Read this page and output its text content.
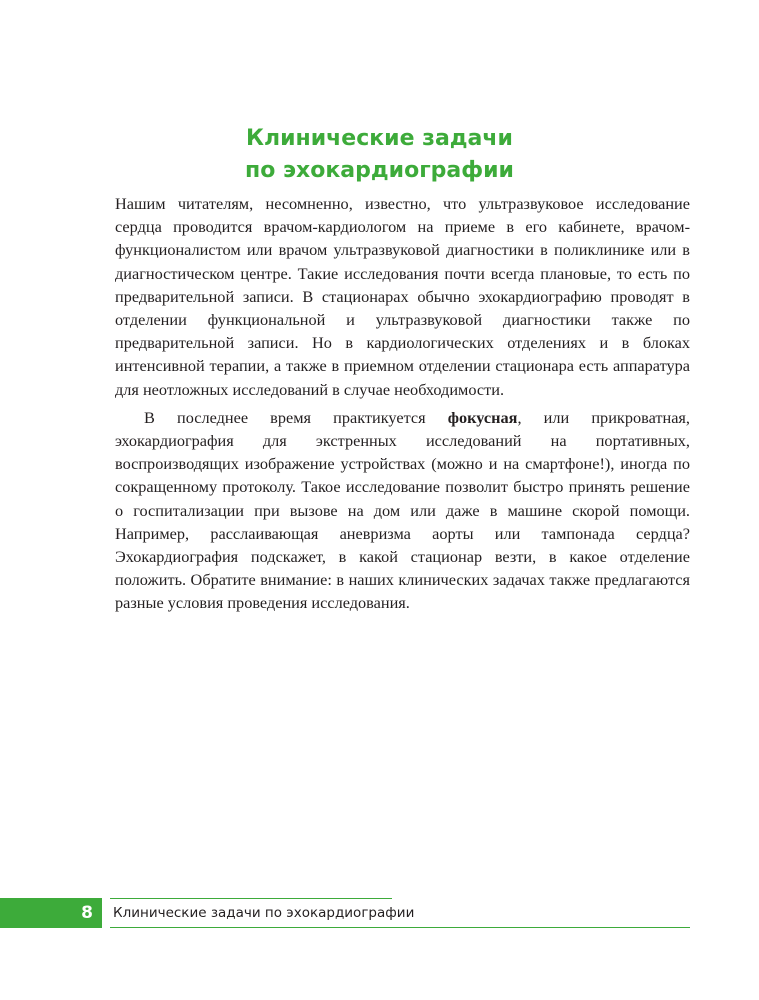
Клинические задачи
по эхокардиографии

Нашим читателям, несомненно, известно, что ультразвуковое исследование сердца проводится врачом-кардиологом на приеме в его кабинете, врачом-функционалистом или врачом ультразвуковой диагностики в поликлинике или в диагностическом центре. Такие исследования почти всегда плановые, то есть по предварительной записи. В стационарах обычно эхокардиографию проводят в отделении функциональной и ультразвуковой диагностики также по предварительной записи. Но в кардиологических отделениях и в блоках интенсивной терапии, а также в приемном отделении стационара есть аппаратура для неотложных исследований в случае необходимости.

В последнее время практикуется фокусная, или прикроватная, эхокардиография для экстренных исследований на портативных, воспроизводящих изображение устройствах (можно и на смартфоне!), иногда по сокращенному протоколу. Такое исследование позволит быстро принять решение о госпитализации при вызове на дом или даже в машине скорой помощи. Например, расслаивающая аневризма аорты или тампонада сердца? Эхокардиография подскажет, в какой стационар везти, в какое отделение положить. Обратите внимание: в наших клинических задачах также предлагаются разные условия проведения исследования.

8 Клинические задачи по эхокардиографии
